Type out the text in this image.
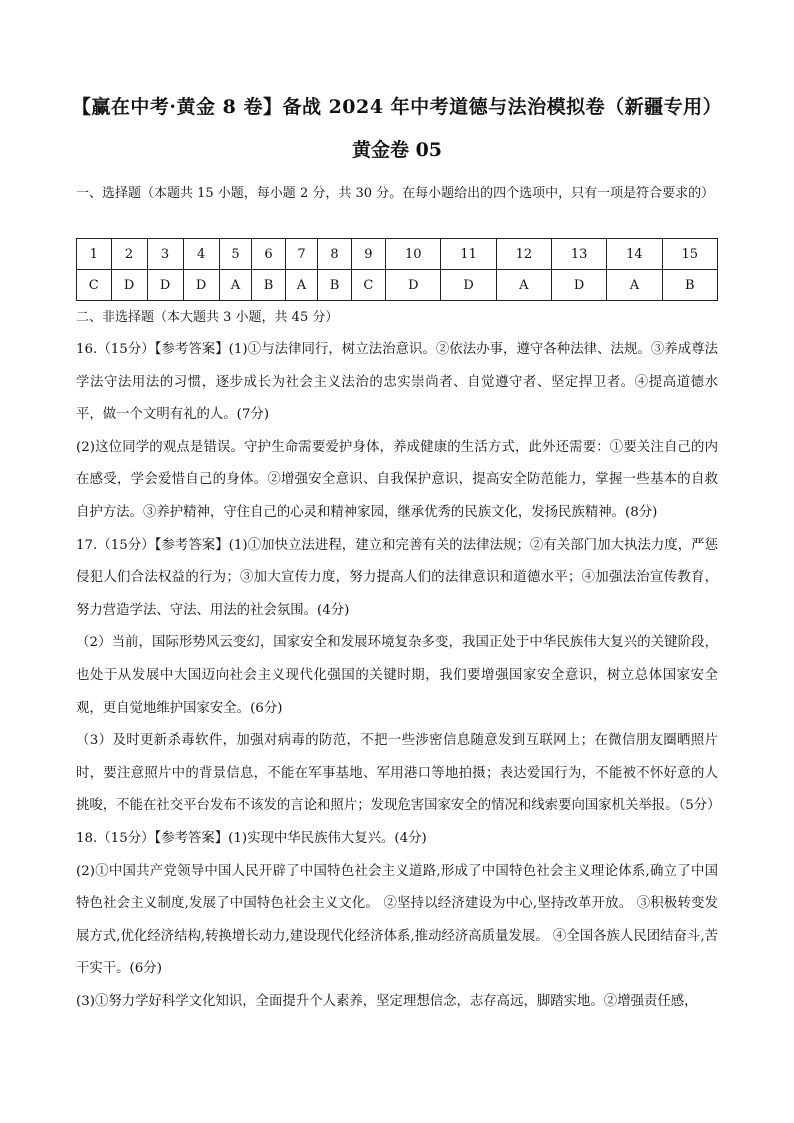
【赢在中考·黄金 8 卷】备战 2024 年中考道德与法治模拟卷（新疆专用）
黄金卷 05
一、选择题（本题共 15 小题，每小题 2 分，共 30 分。在每小题给出的四个选项中，只有一项是符合要求的）
1	2	3	4	5	6	7	8	9	10	11	12	13	14	15
C	D	D	D	A	B	A	B	C	D	D	A	D	A	B
二、非选择题（本大题共 3 小题，共 45 分）

16.（15分）【参考答案】(1)①与法律同行，树立法治意识。②依法办事，遵守各种法律、法规。③养成尊法学法守法用法的习惯，逐步成长为社会主义法治的忠实崇尚者、自觉遵守者、坚定捍卫者。④提高道德水平，做一个文明有礼的人。(7分)

(2)这位同学的观点是错误。守护生命需要爱护身体，养成健康的生活方式，此外还需要：①要关注自己的内在感受，学会爱惜自己的身体。②增强安全意识、自我保护意识，提高安全防范能力，掌握一些基本的自救自护方法。③养护精神，守住自己的心灵和精神家园，继承优秀的民族文化，发扬民族精神。(8分)

17.（15分）【参考答案】(1)①加快立法进程，建立和完善有关的法律法规；②有关部门加大执法力度，严惩侵犯人们合法权益的行为；③加大宣传力度，努力提高人们的法律意识和道德水平；④加强法治宣传教育，努力营造学法、守法、用法的社会氛围。(4分)

（2）当前，国际形势风云变幻，国家安全和发展环境复杂多变，我国正处于中华民族伟大复兴的关键阶段，也处于从发展中大国迈向社会主义现代化强国的关键时期，我们要增强国家安全意识，树立总体国家安全观，更自觉地维护国家安全。(6分)

（3）及时更新杀毒软件，加强对病毒的防范，不把一些涉密信息随意发到互联网上；在微信朋友圈晒照片时，要注意照片中的背景信息，不能在军事基地、军用港口等地拍摄；表达爱国行为，不能被不怀好意的人挑唆，不能在社交平台发布不该发的言论和照片；发现危害国家安全的情况和线索要向国家机关举报。（5分）

18.（15分）【参考答案】(1)实现中华民族伟大复兴。(4分)

(2)①中国共产党领导中国人民开辟了中国特色社会主义道路,形成了中国特色社会主义理论体系,确立了中国特色社会主义制度,发展了中国特色社会主义文化。 ②坚持以经济建设为中心,坚持改革开放。 ③积极转变发展方式,优化经济结构,转换增长动力,建设现代化经济体系,推动经济高质量发展。 ④全国各族人民团结奋斗,苦干实干。(6分)

(3)①努力学好科学文化知识，全面提升个人素养，坚定理想信念，志存高远，脚踏实地。②增强责任感，
